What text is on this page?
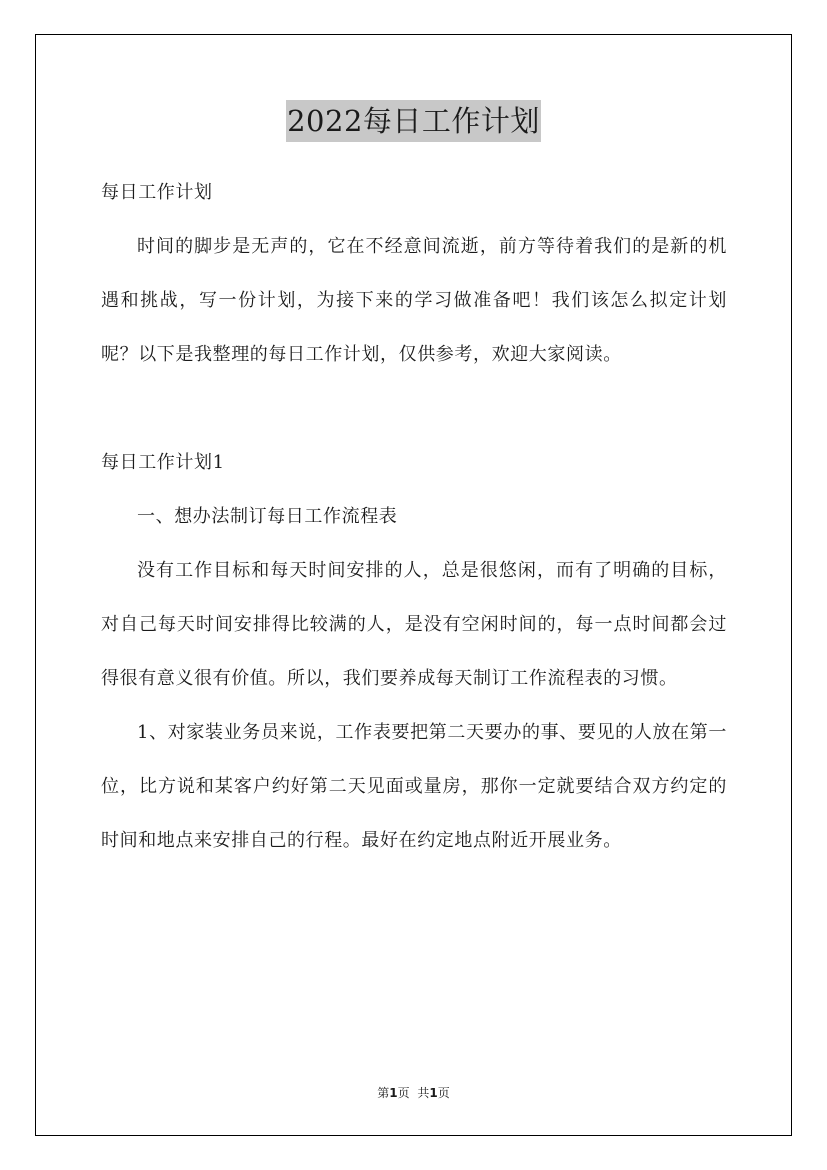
2022每日工作计划

每日工作计划

时间的脚步是无声的，它在不经意间流逝，前方等待着我们的是新的机遇和挑战，写一份计划，为接下来的学习做准备吧！我们该怎么拟定计划呢？以下是我整理的每日工作计划，仅供参考，欢迎大家阅读。

每日工作计划1

一、想办法制订每日工作流程表

没有工作目标和每天时间安排的人，总是很悠闲，而有了明确的目标，对自己每天时间安排得比较满的人，是没有空闲时间的，每一点时间都会过得很有意义很有价值。所以，我们要养成每天制订工作流程表的习惯。

1、对家装业务员来说，工作表要把第二天要办的事、要见的人放在第一位，比方说和某客户约好第二天见面或量房，那你一定就要结合双方约定的时间和地点来安排自己的行程。最好在约定地点附近开展业务。

第1页 共1页
